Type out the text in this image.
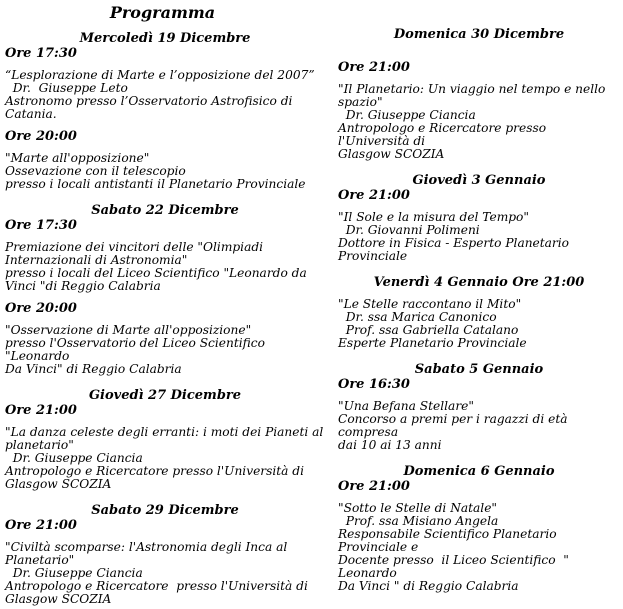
Programma
Mercoledì 19 Dicembre
Ore 17:30
“Lesplorazione di Marte e l’opposizione del 2007”
Dr.  Giuseppe Leto
Astronomo presso l’Osservatorio Astrofisico di
Catania.
Ore 20:00
"Marte all'opposizione"
Ossevazione con il telescopio
presso i locali antistanti il Planetario Provinciale
Sabato 22 Dicembre
Ore 17:30
Premiazione dei vincitori delle "Olimpiadi
Internazionali di Astronomia"
presso i locali del Liceo Scientifico "Leonardo da
Vinci "di Reggio Calabria
Ore 20:00
"Osservazione di Marte all'opposizione"
presso l'Osservatorio del Liceo Scientifico "Leonardo
Da Vinci" di Reggio Calabria
Giovedì 27 Dicembre
Ore 21:00
"La danza celeste degli erranti: i moti dei Pianeti al
planetario"
Dr. Giuseppe Ciancia
Antropologo e Ricercatore presso l'Università di
Glasgow SCOZIA
Sabato 29 Dicembre
Ore 21:00
"Civiltà scomparse: l'Astronomia degli Inca al
Planetario"
Dr. Giuseppe Ciancia
Antropologo e Ricercatore  presso l'Università di
Glasgow SCOZIA
Domenica 30 Dicembre
Ore 21:00
"Il Planetario: Un viaggio nel tempo e nello
spazio"
Dr. Giuseppe Ciancia
Antropologo e Ricercatore presso l'Università di
Glasgow SCOZIA
Giovedì 3 Gennaio
Ore 21:00
"Il Sole e la misura del Tempo"
Dr. Giovanni Polimeni
Dottore in Fisica - Esperto Planetario
Provinciale
Venerdì 4 Gennaio Ore 21:00
"Le Stelle raccontano il Mito"
Dr. ssa Marica Canonico
Prof. ssa Gabriella Catalano
Esperte Planetario Provinciale
Sabato 5 Gennaio
Ore 16:30
"Una Befana Stellare"
Concorso a premi per i ragazzi di età compresa
dai 10 ai 13 anni
Domenica 6 Gennaio
Ore 21:00
"Sotto le Stelle di Natale"
Prof. ssa Misiano Angela
Responsabile Scientifico Planetario Provinciale e
Docente presso  il Liceo Scientifico  " Leonardo
Da Vinci " di Reggio Calabria
